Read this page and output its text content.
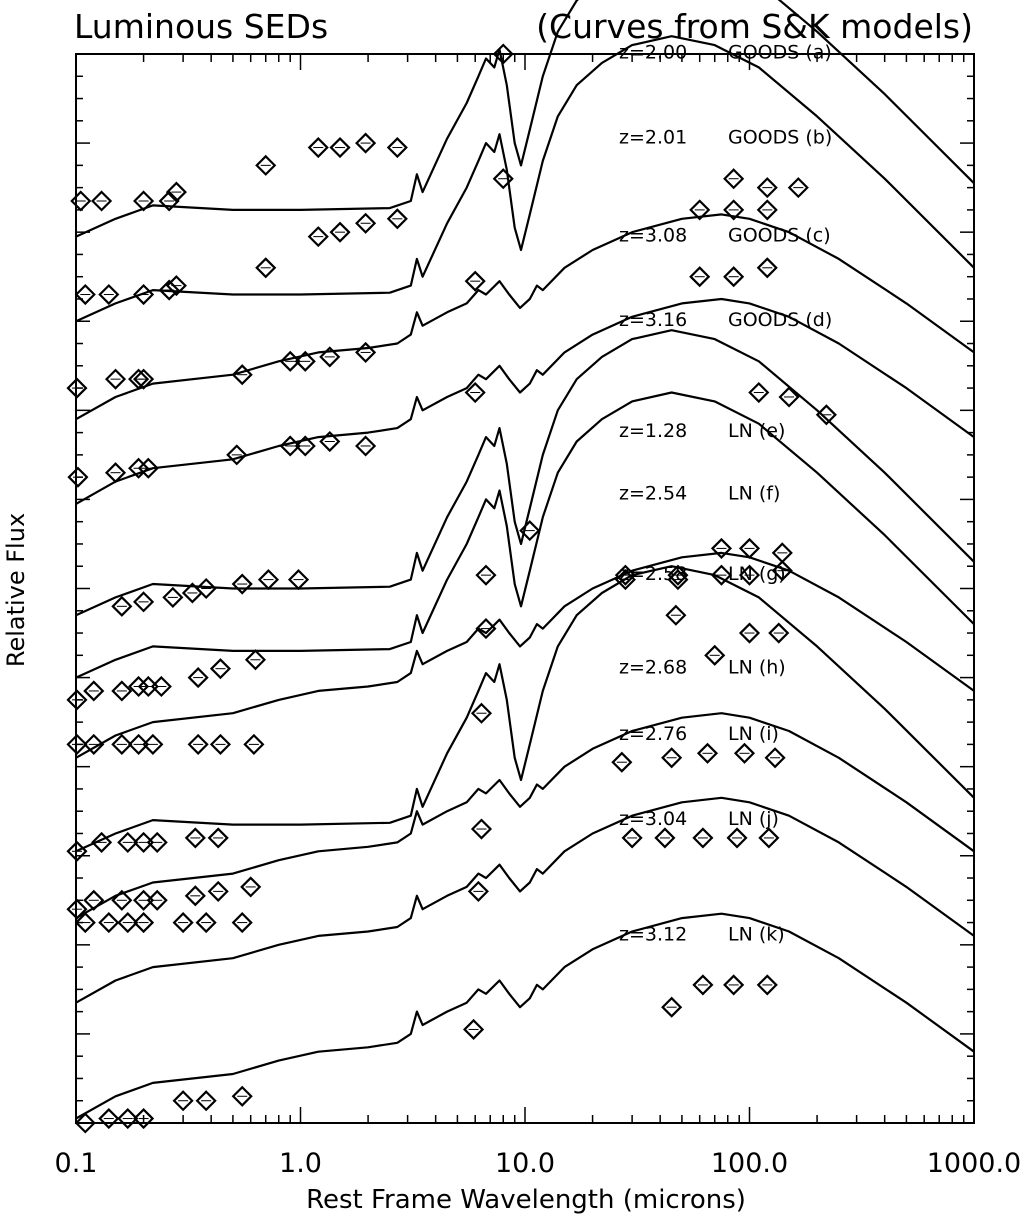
Luminous SEDs	(Curves from S&K models)
Rest Frame Wavelength (microns)
Relative Flux
0.1	1.0	10.0	100.0	1000.0
z=2.00 GOODS (a)
z=2.01 GOODS (b)
z=3.08 GOODS (c)
z=3.16 GOODS (d)
z=1.28 LN (e)
z=2.54 LN (f)
z=2.58 LN (g)
z=2.68 LN (h)
z=2.76 LN (i)
z=3.04 LN (j)
z=3.12 LN (k)
